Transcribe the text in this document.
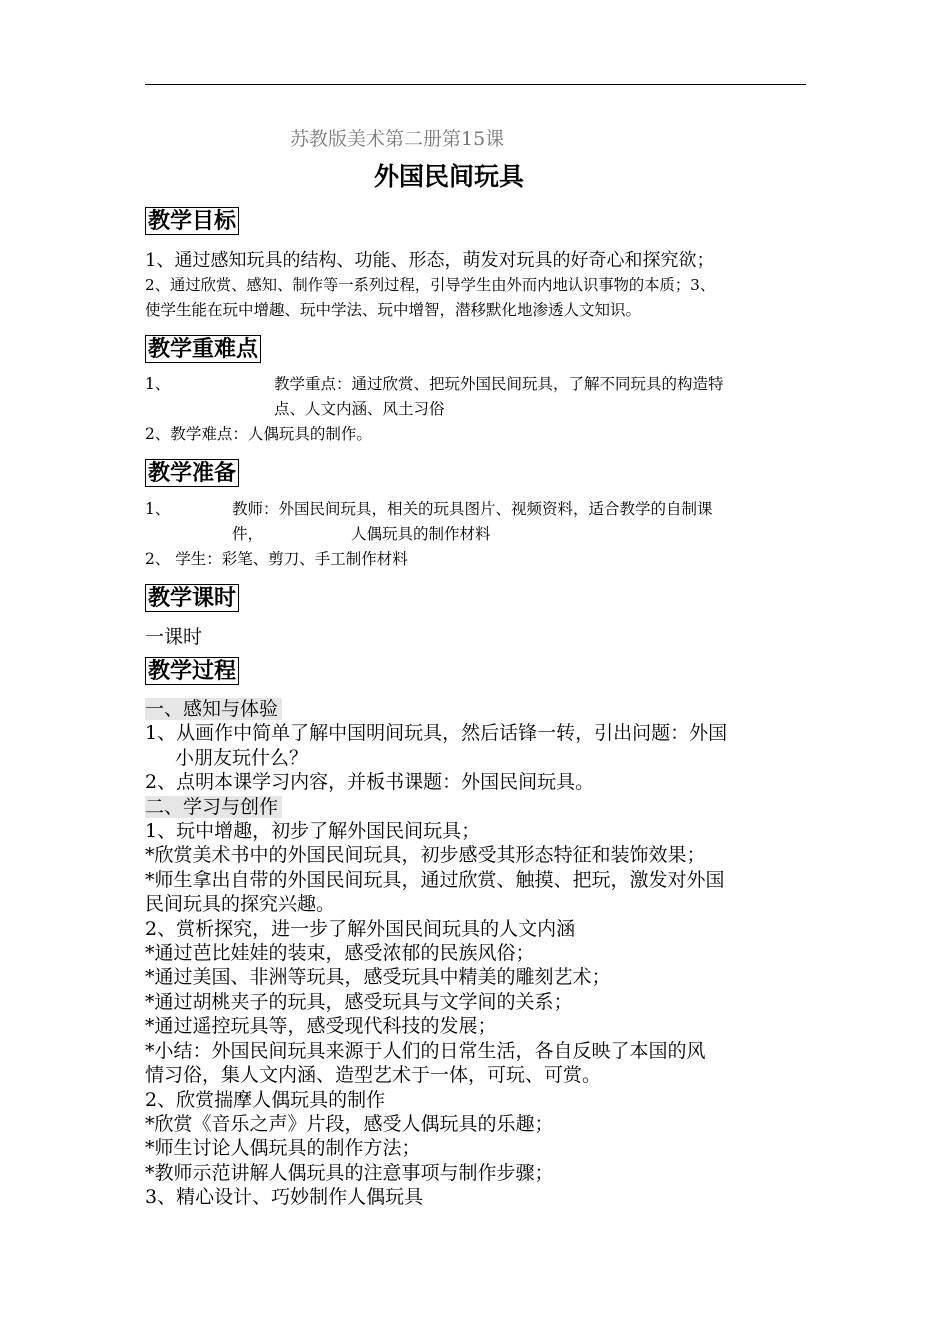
苏教版美术第二册第15课
外国民间玩具
教学目标
1、通过感知玩具的结构、功能、形态，萌发对玩具的好奇心和探究欲；
2、通过欣赏、感知、制作等一系列过程，引导学生由外而内地认识事物的本质；3、
使学生能在玩中增趣、玩中学法、玩中增智，潜移默化地渗透人文知识。
教学重难点
1、	教学重点：通过欣赏、把玩外国民间玩具，了解不同玩具的构造特
点、人文内涵、风土习俗
2、教学难点：人偶玩具的制作。
教学准备
1、	教师：外国民间玩具，相关的玩具图片、视频资料，适合教学的自制课
件，	人偶玩具的制作材料
2、 学生：彩笔、剪刀、手工制作材料
教学课时
一课时
教学过程
一、感知与体验
1、从画作中简单了解中国明间玩具，然后话锋一转，引出问题：外国
小朋友玩什么？
2、点明本课学习内容，并板书课题：外国民间玩具。
二、学习与创作
1、玩中增趣，初步了解外国民间玩具；
*欣赏美术书中的外国民间玩具，初步感受其形态特征和装饰效果；
*师生拿出自带的外国民间玩具，通过欣赏、触摸、把玩，激发对外国
民间玩具的探究兴趣。
2、赏析探究，进一步了解外国民间玩具的人文内涵
*通过芭比娃娃的装束，感受浓郁的民族风俗；
*通过美国、非洲等玩具，感受玩具中精美的雕刻艺术；
*通过胡桃夹子的玩具，感受玩具与文学间的关系；
*通过遥控玩具等，感受现代科技的发展；
*小结：外国民间玩具来源于人们的日常生活，各自反映了本国的风
情习俗，集人文内涵、造型艺术于一体，可玩、可赏。
2、欣赏揣摩人偶玩具的制作
*欣赏《音乐之声》片段，感受人偶玩具的乐趣；
*师生讨论人偶玩具的制作方法；
*教师示范讲解人偶玩具的注意事项与制作步骤；
3、精心设计、巧妙制作人偶玩具
